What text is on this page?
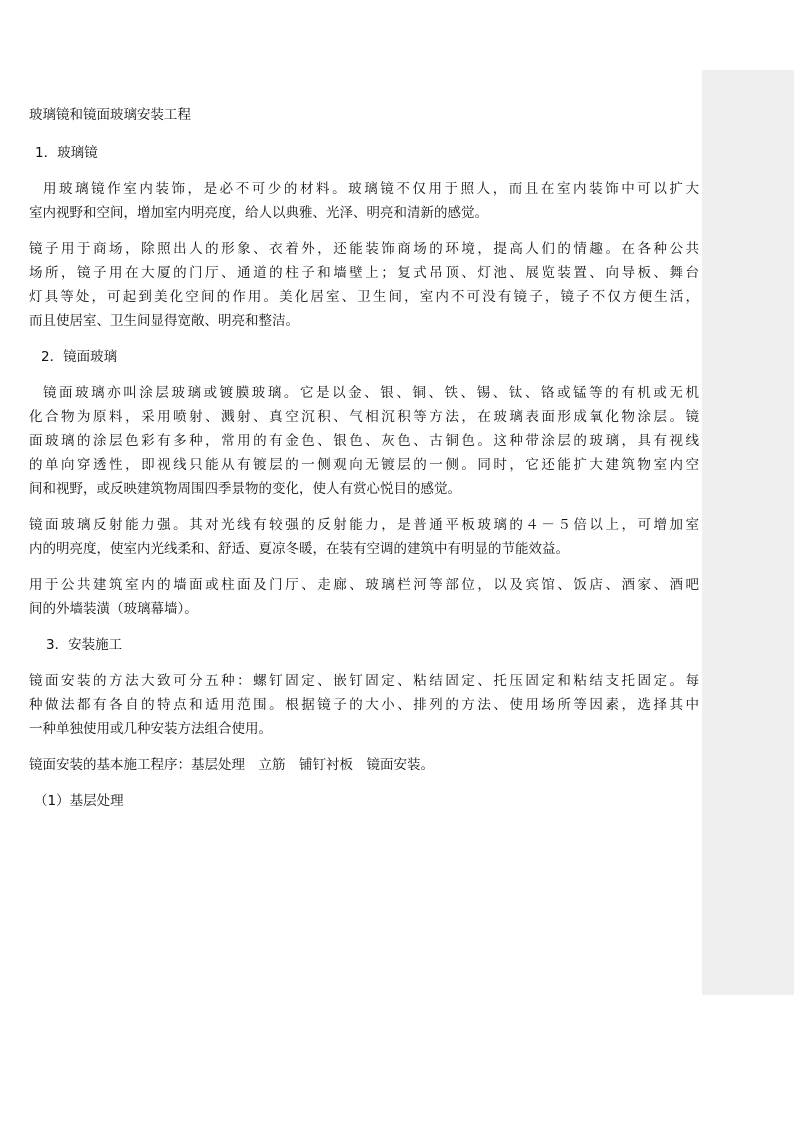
玻璃镜和镜面玻璃安装工程
1．玻璃镜
用玻璃镜作室内装饰，是必不可少的材料。玻璃镜不仅用于照人，而且在室内装饰中可以扩大
室内视野和空间，增加室内明亮度，给人以典雅、光泽、明亮和清新的感觉。
镜子用于商场，除照出人的形象、衣着外，还能装饰商场的环境，提高人们的情趣。在各种公共
场所，镜子用在大厦的门厅、通道的柱子和墙壁上；复式吊顶、灯池、展览装置、向导板、舞台
灯具等处，可起到美化空间的作用。美化居室、卫生间，室内不可没有镜子，镜子不仅方便生活，
而且使居室、卫生间显得宽敞、明亮和整洁。
2．镜面玻璃
镜面玻璃亦叫涂层玻璃或镀膜玻璃。它是以金、银、铜、铁、锡、钛、铬或锰等的有机或无机
化合物为原料，采用喷射、溅射、真空沉积、气相沉积等方法，在玻璃表面形成氧化物涂层。镜
面玻璃的涂层色彩有多种，常用的有金色、银色、灰色、古铜色。这种带涂层的玻璃，具有视线
的单向穿透性，即视线只能从有镀层的一侧观向无镀层的一侧。同时，它还能扩大建筑物室内空
间和视野，或反映建筑物周围四季景物的变化，使人有赏心悦目的感觉。
镜面玻璃反射能力强。其对光线有较强的反射能力，是普通平板玻璃的４－５倍以上，可增加室
内的明亮度，使室内光线柔和、舒适、夏凉冬暖，在装有空调的建筑中有明显的节能效益。
用于公共建筑室内的墙面或柱面及门厅、走廊、玻璃栏河等部位，以及宾馆、饭店、酒家、酒吧
间的外墙装潢（玻璃幕墙）。
3．安装施工
镜面安装的方法大致可分五种：螺钉固定、嵌钉固定、粘结固定、托压固定和粘结支托固定。每
种做法都有各自的特点和适用范围。根据镜子的大小、排列的方法、使用场所等因素，选择其中
一种单独使用或几种安装方法组合使用。
镜面安装的基本施工程序：基层处理　立筋　铺钉衬板　镜面安装。
（1）基层处理
